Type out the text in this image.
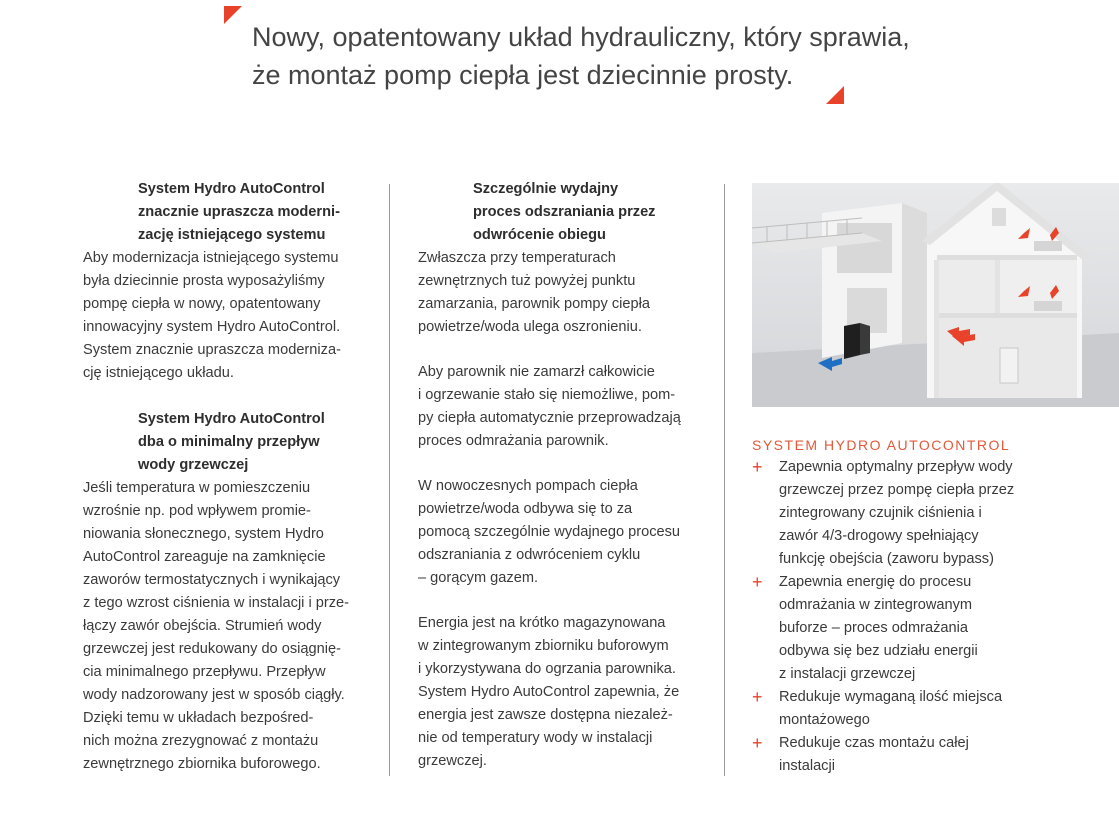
Nowy, opatentowany układ hydrauliczny, który sprawia,
że montaż pomp ciepła jest dziecinnie prosty.

System Hydro AutoControl
znacznie upraszcza moderni-
zację istniejącego systemu

Aby modernizacja istniejącego systemu
była dziecinnie prosta wyposażyliśmy
pompę ciepła w nowy, opatentowany
innowacyjny system Hydro AutoControl.
System znacznie upraszcza moderniza-
cję istniejącego układu.

System Hydro AutoControl
dba o minimalny przepływ
wody grzewczej

Jeśli temperatura w pomieszczeniu
wzrośnie np. pod wpływem promie-
niowania słonecznego, system Hydro
AutoControl zareaguje na zamknięcie
zaworów termostatycznych i wynikający
z tego wzrost ciśnienia w instalacji i prze-
łączy zawór obejścia. Strumień wody
grzewczej jest redukowany do osiągnię-
cia minimalnego przepływu. Przepływ
wody nadzorowany jest w sposób ciągły.
Dzięki temu w układach bezpośred-
nich można zrezygnować z montażu
zewnętrznego zbiornika buforowego.

Szczególnie wydajny
proces odszraniania przez
odwrócenie obiegu

Zwłaszcza przy temperaturach
zewnętrznych tuż powyżej punktu
zamarzania, parownik pompy ciepła
powietrze/woda ulega oszronieniu.

Aby parownik nie zamarzł całkowicie
i ogrzewanie stało się niemożliwe, pom-
py ciepła automatycznie przeprowadzają
proces odmrażania parownik.

W nowoczesnych pompach ciepła
powietrze/woda odbywa się to za
pomocą szczególnie wydajnego procesu
odszraniania z odwróceniem cyklu
– gorącym gazem.

Energia jest na krótko magazynowana
w zintegrowanym zbiorniku buforowym
i ykorzystywana do ogrzania parownika.
System Hydro AutoControl zapewnia, że
energia jest zawsze dostępna niezależ-
nie od temperatury wody w instalacji
grzewczej.

SYSTEM HYDRO AUTOCONTROL
+ Zapewnia optymalny przepływ wody
grzewczej przez pompę ciepła przez
zintegrowany czujnik ciśnienia i
zawór 4/3-drogowy spełniający
funkcję obejścia (zaworu bypass)
+ Zapewnia energię do procesu
odmrażania w zintegrowanym
buforze – proces odmrażania
odbywa się bez udziału energii
z instalacji grzewczej
+ Redukuje wymaganą ilość miejsca
montażowego
+ Redukuje czas montażu całej
instalacji
